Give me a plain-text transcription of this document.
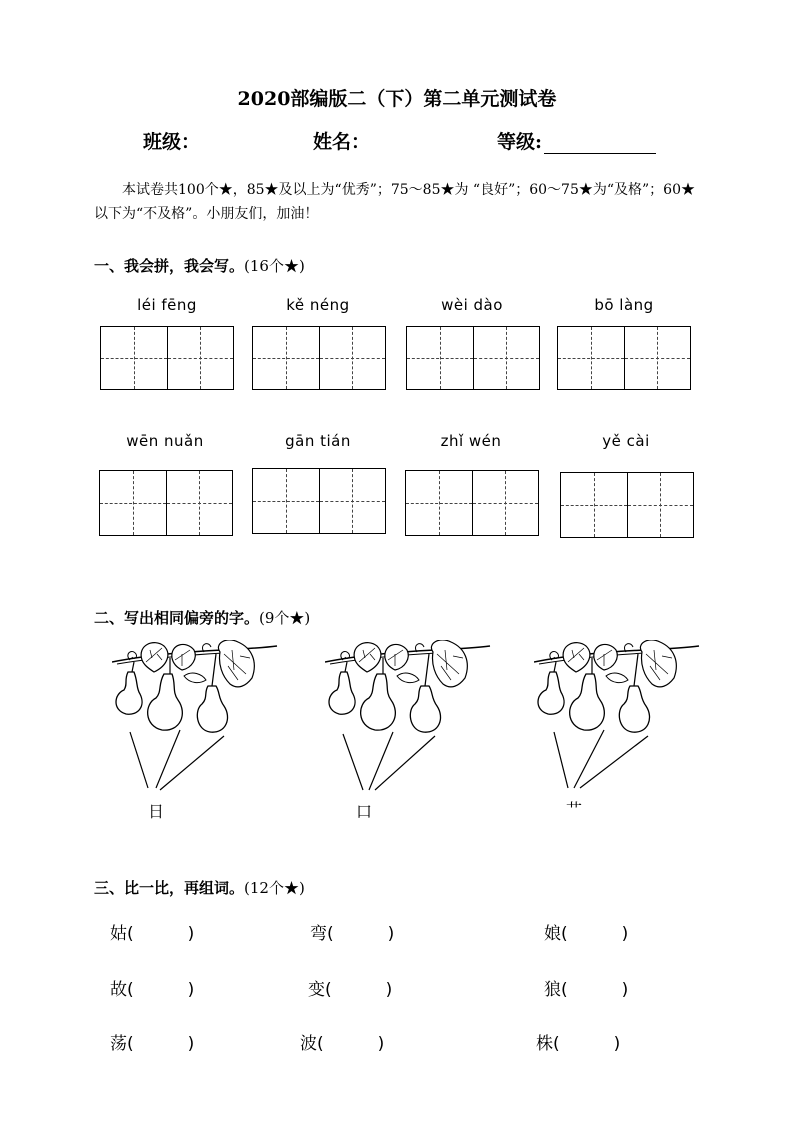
2020部编版二（下）第二单元测试卷
班级：	姓名：	等级:
本试卷共100个★，85★及以上为“优秀”；75～85★为 “良好”；60～75★为“及格”；60★以下为“不及格”。小朋友们，加油！
一、我会拼，我会写。(16个★)
léi fēng	kě néng	wèi dào	bō làng
wēn nuǎn	gān tián	zhǐ wén	yě cài
二、写出相同偏旁的字。(9个★)
日	口	艹
三、比一比，再组词。(12个★)
姑(          )	弯(          )	娘(          )
故(          )	变(          )	狼(          )
荡(          )	波(          )	株(          )
